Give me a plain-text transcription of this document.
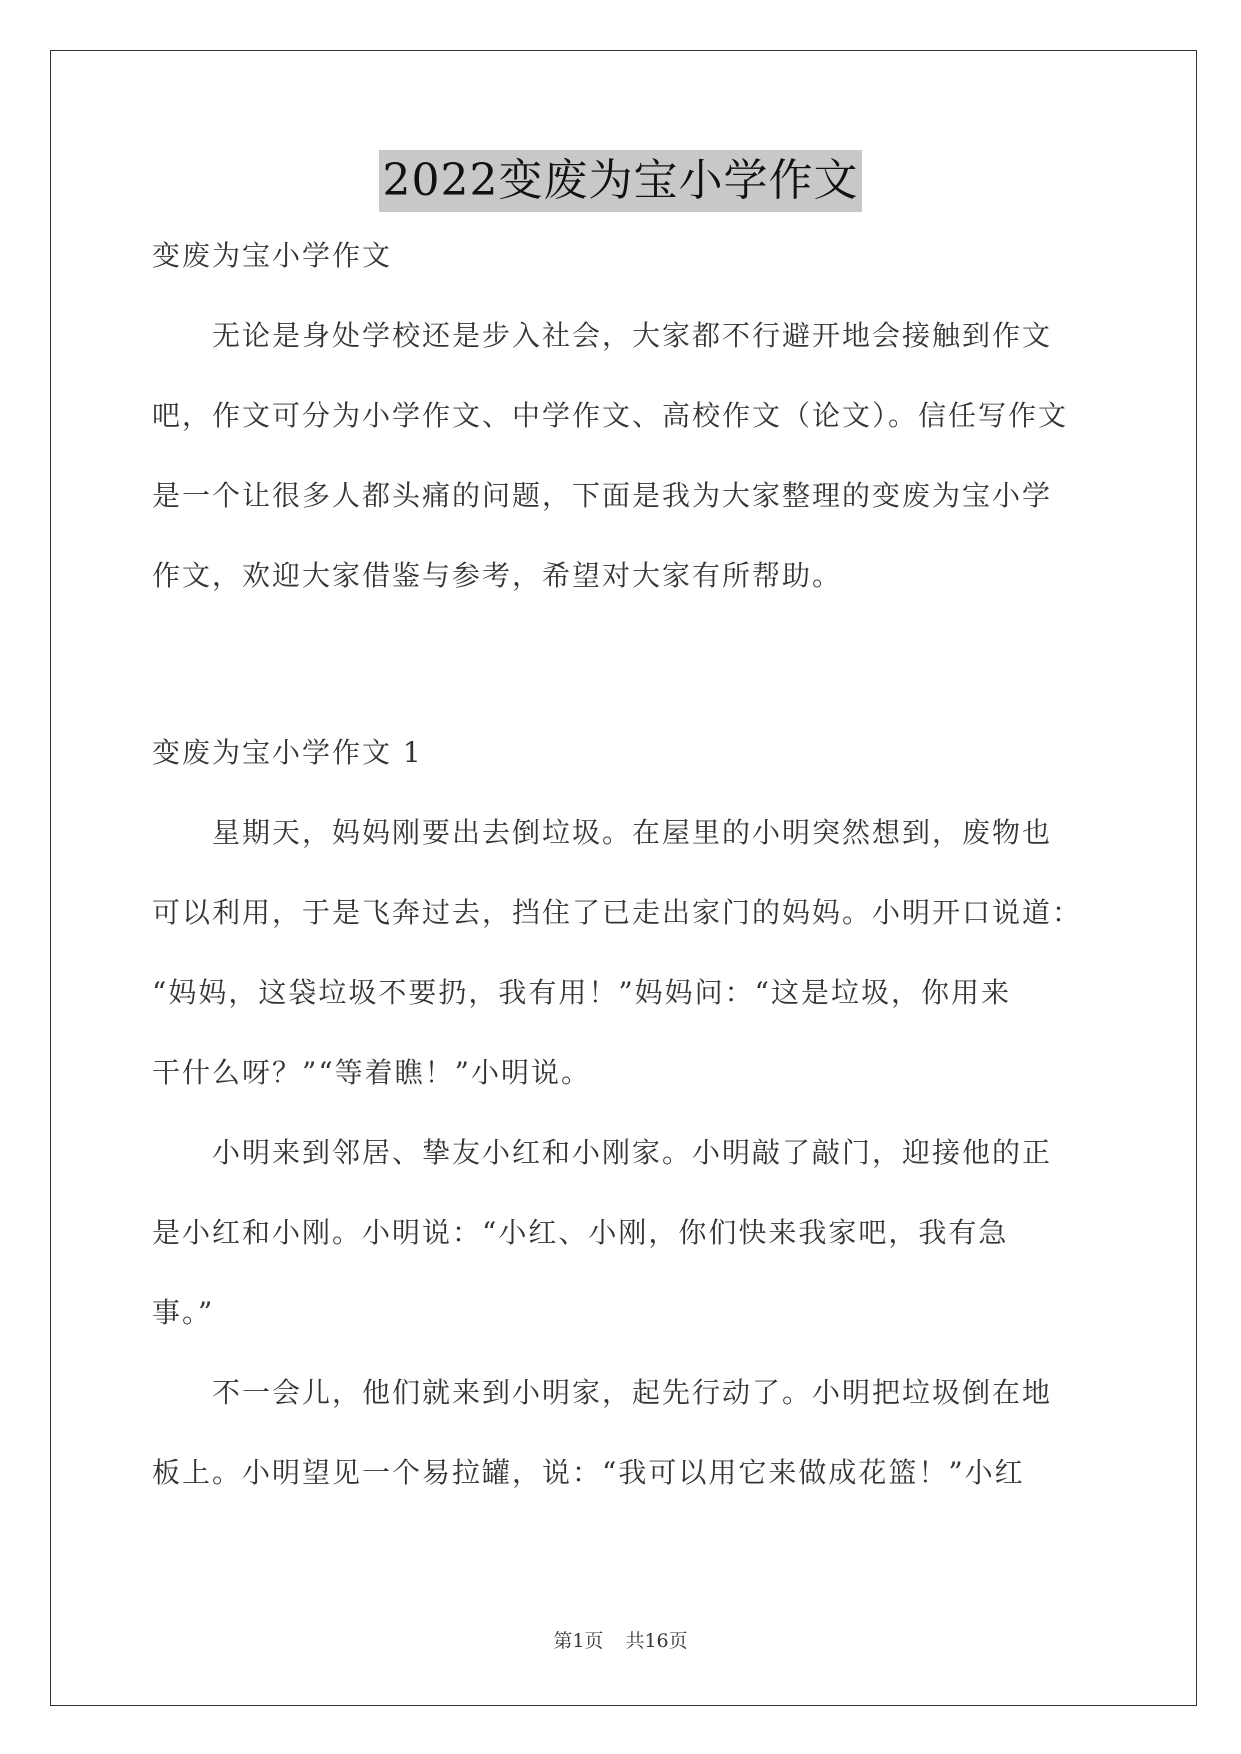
2022变废为宝小学作文
变废为宝小学作文
无论是身处学校还是步入社会，大家都不行避开地会接触到作文
吧，作文可分为小学作文、中学作文、高校作文（论文）。信任写作文
是一个让很多人都头痛的问题，下面是我为大家整理的变废为宝小学
作文，欢迎大家借鉴与参考，希望对大家有所帮助。
变废为宝小学作文 1
星期天，妈妈刚要出去倒垃圾。在屋里的小明突然想到，废物也
可以利用，于是飞奔过去，挡住了已走出家门的妈妈。小明开口说道：
“妈妈，这袋垃圾不要扔，我有用！”妈妈问：“这是垃圾，你用来
干什么呀？”“等着瞧！”小明说。
小明来到邻居、挚友小红和小刚家。小明敲了敲门，迎接他的正
是小红和小刚。小明说：“小红、小刚，你们快来我家吧，我有急
事。”
不一会儿，他们就来到小明家，起先行动了。小明把垃圾倒在地
板上。小明望见一个易拉罐，说：“我可以用它来做成花篮！”小红
第1页 共16页
